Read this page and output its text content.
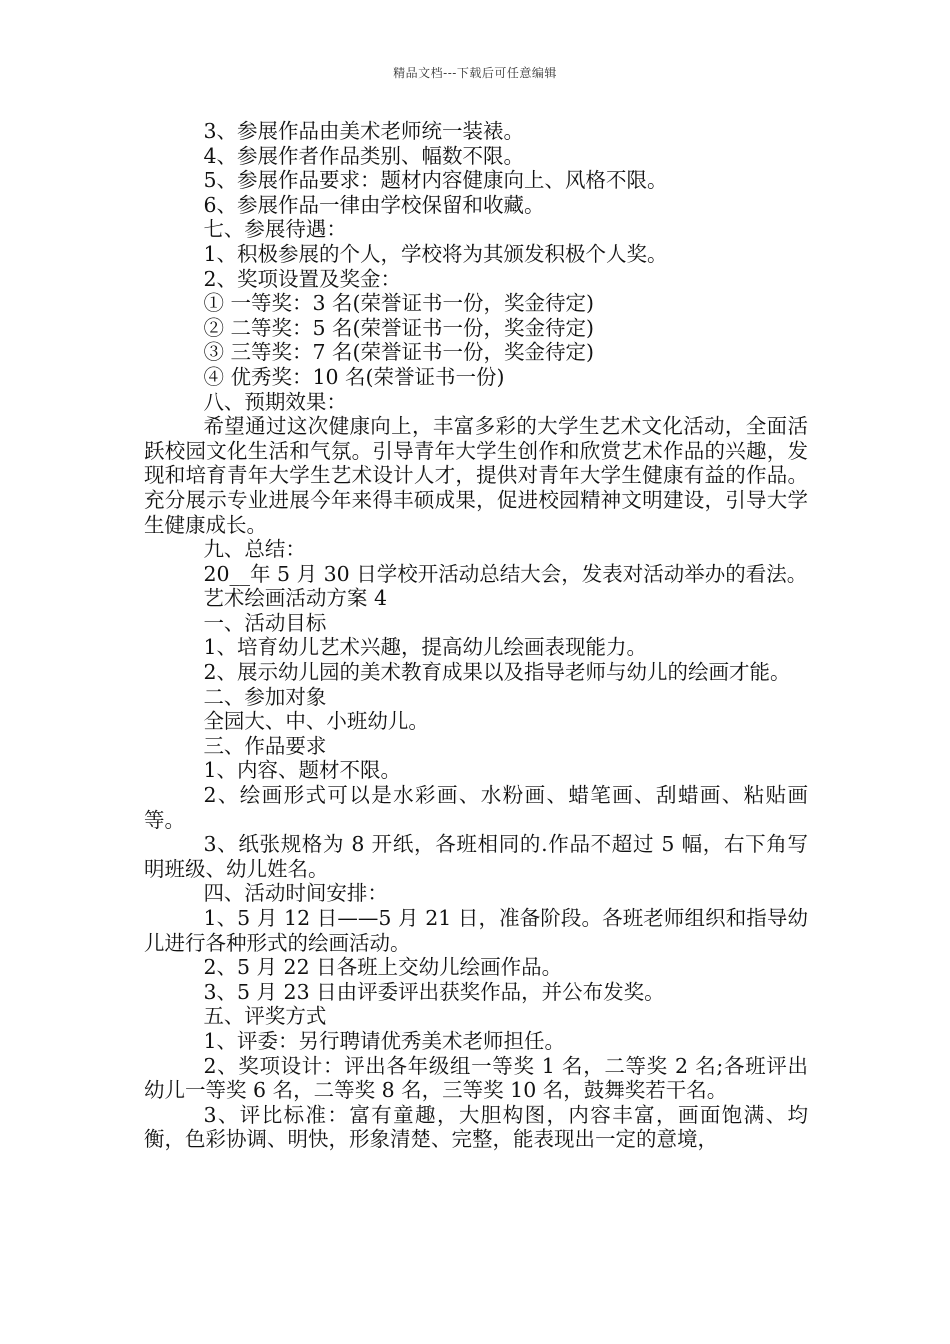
精品文档---下载后可任意编辑

3、参展作品由美术老师统一装裱。

4、参展作者作品类别、幅数不限。

5、参展作品要求：题材内容健康向上、风格不限。

6、参展作品一律由学校保留和收藏。

七、参展待遇：

1、积极参展的个人，学校将为其颁发积极个人奖。

2、奖项设置及奖金：

① 一等奖：3 名(荣誉证书一份，奖金待定)

② 二等奖：5 名(荣誉证书一份，奖金待定)

③ 三等奖：7 名(荣誉证书一份，奖金待定)

④ 优秀奖：10 名(荣誉证书一份)

八、预期效果：

希望通过这次健康向上，丰富多彩的大学生艺术文化活动，全面活跃校园文化生活和气氛。引导青年大学生创作和欣赏艺术作品的兴趣，发现和培育青年大学生艺术设计人才，提供对青年大学生健康有益的作品。充分展示专业进展今年来得丰硕成果，促进校园精神文明建设，引导大学生健康成长。

九、总结：

20__年 5 月 30 日学校开活动总结大会，发表对活动举办的看法。

艺术绘画活动方案 4

一、活动目标

1、培育幼儿艺术兴趣，提高幼儿绘画表现能力。

2、展示幼儿园的美术教育成果以及指导老师与幼儿的绘画才能。

二、参加对象

全园大、中、小班幼儿。

三、作品要求

1、内容、题材不限。

2、绘画形式可以是水彩画、水粉画、蜡笔画、刮蜡画、粘贴画等。

3、纸张规格为 8 开纸，各班相同的.作品不超过 5 幅，右下角写明班级、幼儿姓名。

四、活动时间安排：

1、5 月 12 日——5 月 21 日，准备阶段。各班老师组织和指导幼儿进行各种形式的绘画活动。

2、5 月 22 日各班上交幼儿绘画作品。

3、5 月 23 日由评委评出获奖作品，并公布发奖。

五、评奖方式

1、评委：另行聘请优秀美术老师担任。

2、奖项设计：评出各年级组一等奖 1 名，二等奖 2 名;各班评出幼儿一等奖 6 名，二等奖 8 名，三等奖 10 名，鼓舞奖若干名。

3、评比标准：富有童趣，大胆构图，内容丰富，画面饱满、均衡，色彩协调、明快，形象清楚、完整，能表现出一定的意境，
